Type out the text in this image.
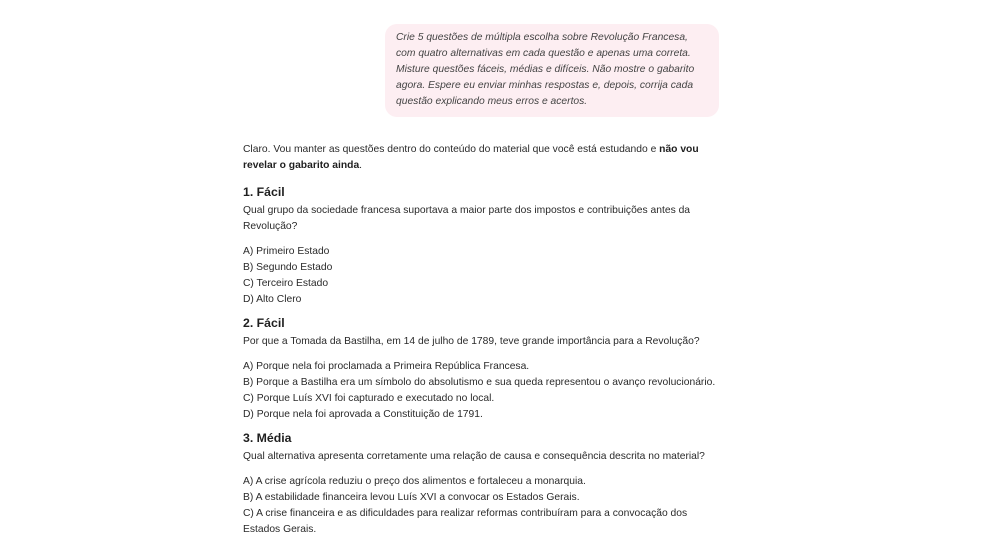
Crie 5 questões de múltipla escolha sobre Revolução Francesa, com quatro alternativas em cada questão e apenas uma correta. Misture questões fáceis, médias e difíceis. Não mostre o gabarito agora. Espere eu enviar minhas respostas e, depois, corrija cada questão explicando meus erros e acertos.

Claro. Vou manter as questões dentro do conteúdo do material que você está estudando e não vou revelar o gabarito ainda.

1. Fácil

Qual grupo da sociedade francesa suportava a maior parte dos impostos e contribuições antes da Revolução?

A) Primeiro Estado
B) Segundo Estado
C) Terceiro Estado
D) Alto Clero

2. Fácil

Por que a Tomada da Bastilha, em 14 de julho de 1789, teve grande importância para a Revolução?

A) Porque nela foi proclamada a Primeira República Francesa.
B) Porque a Bastilha era um símbolo do absolutismo e sua queda representou o avanço revolucionário.
C) Porque Luís XVI foi capturado e executado no local.
D) Porque nela foi aprovada a Constituição de 1791.

3. Média

Qual alternativa apresenta corretamente uma relação de causa e consequência descrita no material?

A) A crise agrícola reduziu o preço dos alimentos e fortaleceu a monarquia.
B) A estabilidade financeira levou Luís XVI a convocar os Estados Gerais.
C) A crise financeira e as dificuldades para realizar reformas contribuíram para a convocação dos Estados Gerais.
